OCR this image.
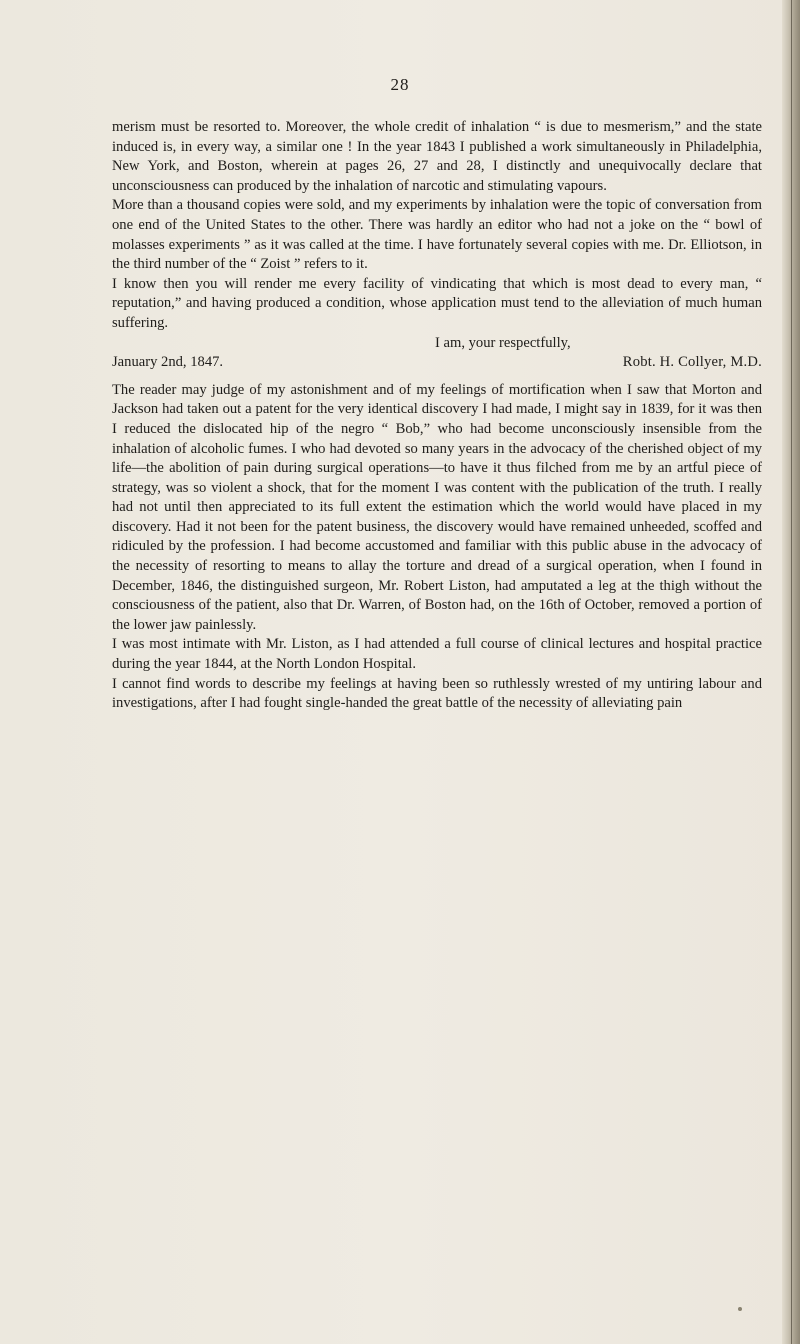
28

merism must be resorted to. Moreover, the whole credit of inhalation “ is due to mesmerism,” and the state induced is, in every way, a similar one ! In the year 1843 I published a work simultaneously in Philadelphia, New York, and Boston, wherein at pages 26, 27 and 28, I distinctly and unequivocally declare that unconsciousness can produced by the inhalation of narcotic and stimulating vapours.

More than a thousand copies were sold, and my experiments by inhalation were the topic of conversation from one end of the United States to the other. There was hardly an editor who had not a joke on the “ bowl of molasses experiments ” as it was called at the time. I have fortunately several copies with me. Dr. Elliotson, in the third number of the “ Zoist ” refers to it.

I know then you will render me every facility of vindicating that which is most dead to every man, “ reputation,” and having produced a condition, whose application must tend to the alleviation of much human suffering.

I am, your respectfully,

January 2nd, 1847.	Robt. H. Collyer, M.D.

The reader may judge of my astonishment and of my feelings of mortification when I saw that Morton and Jackson had taken out a patent for the very identical discovery I had made, I might say in 1839, for it was then I reduced the dislocated hip of the negro “ Bob,” who had become unconsciously insensible from the inhalation of alcoholic fumes. I who had devoted so many years in the advocacy of the cherished object of my life—the abolition of pain during surgical operations—to have it thus filched from me by an artful piece of strategy, was so violent a shock, that for the moment I was content with the publication of the truth. I really had not until then appreciated to its full extent the estimation which the world would have placed in my discovery. Had it not been for the patent business, the discovery would have remained unheeded, scoffed and ridiculed by the profession. I had become accustomed and familiar with this public abuse in the advocacy of the necessity of resorting to means to allay the torture and dread of a surgical operation, when I found in December, 1846, the distinguished surgeon, Mr. Robert Liston, had amputated a leg at the thigh without the consciousness of the patient, also that Dr. Warren, of Boston had, on the 16th of October, removed a portion of the lower jaw painlessly.

I was most intimate with Mr. Liston, as I had attended a full course of clinical lectures and hospital practice during the year 1844, at the North London Hospital.

I cannot find words to describe my feelings at having been so ruthlessly wrested of my untiring labour and investigations, after I had fought single-handed the great battle of the necessity of alleviating pain
